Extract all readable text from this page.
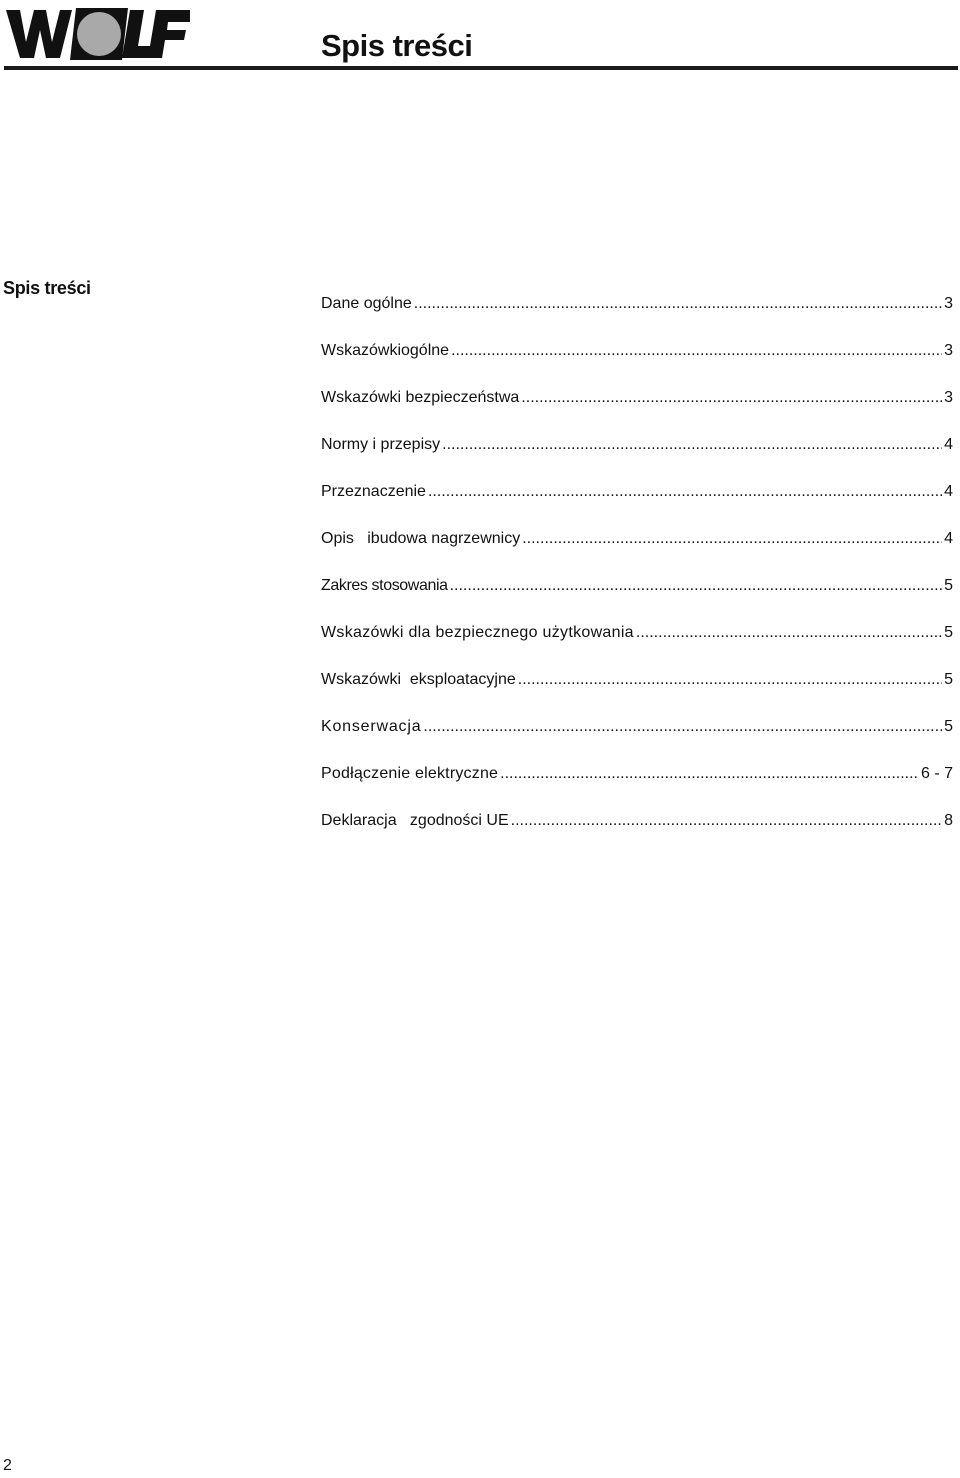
Spis treści
Spis treści
Dane ogólne .....	3
Wskazówkiogólne .....	3
Wskazówki bezpieczeństwa .....	3
Normy i przepisy .....	4
Przeznaczenie .....	4
Opis   ibudowa nagrzewnicy .....	4
Zakres stosowania .....	5
Wskazówki dla bezpiecznego użytkowania .....	5
Wskazówki  eksploatacyjne .....	5
Konserwacja .....	5
Podłączenie elektryczne .....	6 - 7
Deklaracja   zgodności UE .....	8
2
